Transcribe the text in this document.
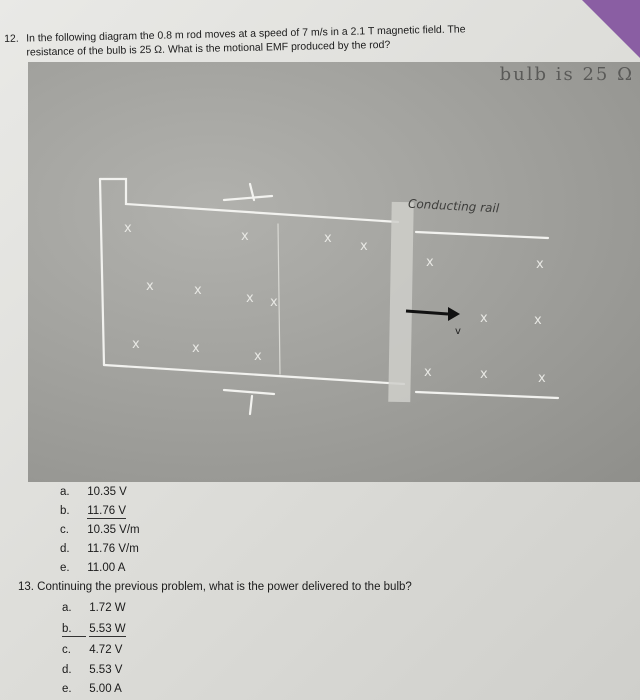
12. In the following diagram the 0.8 m rod moves at a speed of 7 m/s in a 2.1 T magnetic field. The
resistance of the bulb is 25 Ω. What is the motional EMF produced by the rod?
bulb is 25 Ω
v
x
x	x
x
x	x
x	x
x x
x	x
x	x
x
x	x	x
Conducting rail
a. 10.35 V
b. 11.76 V
c. 10.35 V/m
d. 11.76 V/m
e. 11.00 A
13. Continuing the previous problem, what is the power delivered to the bulb?
a. 1.72 W
b. 5.53 W
c. 4.72 V
d. 5.53 V
e. 5.00 A
